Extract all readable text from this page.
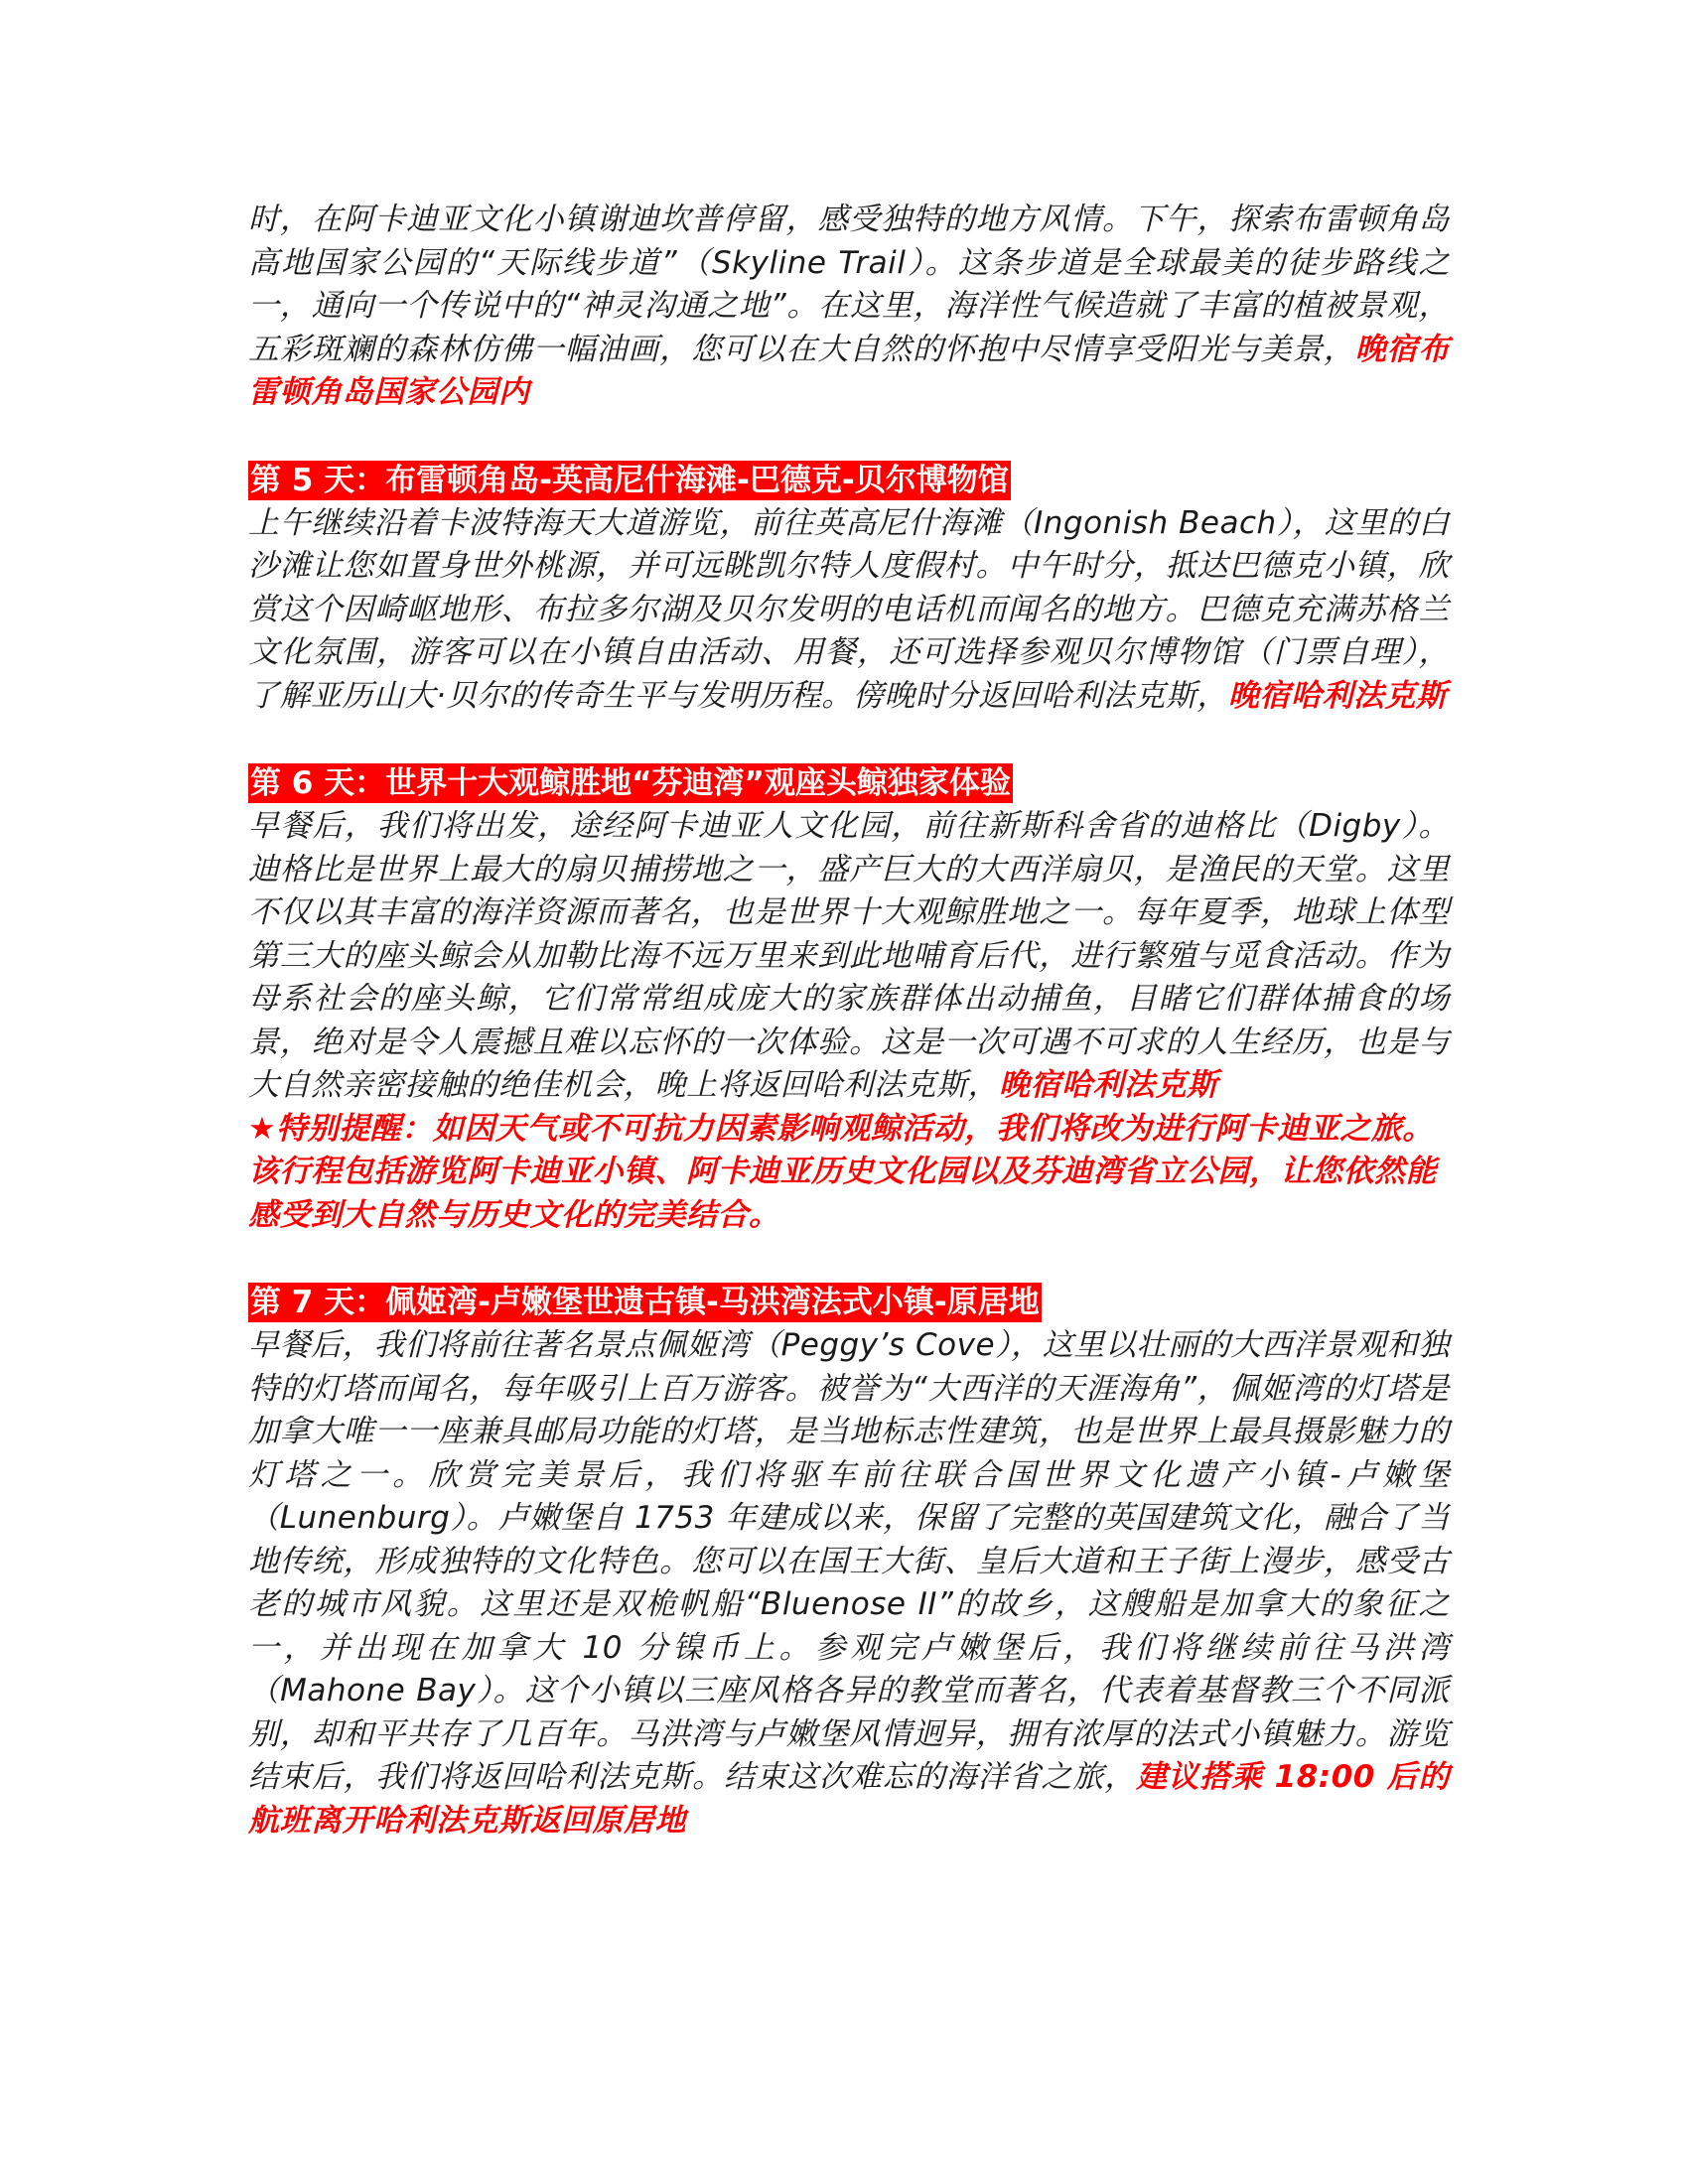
时，在阿卡迪亚文化小镇谢迪坎普停留，感受独特的地方风情。下午，探索布雷顿角岛高地国家公园的“天际线步道”（Skyline Trail）。这条步道是全球最美的徒步路线之一，通向一个传说中的“神灵沟通之地”。在这里，海洋性气候造就了丰富的植被景观，五彩斑斓的森林仿佛一幅油画，您可以在大自然的怀抱中尽情享受阳光与美景，晚宿布雷顿角岛国家公园内

第 5 天：布雷顿角岛-英高尼什海滩-巴德克-贝尔博物馆

上午继续沿着卡波特海天大道游览，前往英高尼什海滩（Ingonish Beach），这里的白沙滩让您如置身世外桃源，并可远眺凯尔特人度假村。中午时分，抵达巴德克小镇，欣赏这个因崎岖地形、布拉多尔湖及贝尔发明的电话机而闻名的地方。巴德克充满苏格兰文化氛围，游客可以在小镇自由活动、用餐，还可选择参观贝尔博物馆（门票自理），了解亚历山大·贝尔的传奇生平与发明历程。傍晚时分返回哈利法克斯，晚宿哈利法克斯

第 6 天：世界十大观鲸胜地“芬迪湾”观座头鲸独家体验

早餐后，我们将出发，途经阿卡迪亚人文化园，前往新斯科舍省的迪格比（Digby）。迪格比是世界上最大的扇贝捕捞地之一，盛产巨大的大西洋扇贝，是渔民的天堂。这里不仅以其丰富的海洋资源而著名，也是世界十大观鲸胜地之一。每年夏季，地球上体型第三大的座头鲸会从加勒比海不远万里来到此地哺育后代，进行繁殖与觅食活动。作为母系社会的座头鲸，它们常常组成庞大的家族群体出动捕鱼，目睹它们群体捕食的场景，绝对是令人震撼且难以忘怀的一次体验。这是一次可遇不可求的人生经历，也是与大自然亲密接触的绝佳机会，晚上将返回哈利法克斯，晚宿哈利法克斯

★特别提醒：如因天气或不可抗力因素影响观鲸活动，我们将改为进行阿卡迪亚之旅。该行程包括游览阿卡迪亚小镇、阿卡迪亚历史文化园以及芬迪湾省立公园，让您依然能感受到大自然与历史文化的完美结合。

第 7 天：佩姬湾-卢嫩堡世遗古镇-马洪湾法式小镇-原居地

早餐后，我们将前往著名景点佩姬湾（Peggy’s Cove），这里以壮丽的大西洋景观和独特的灯塔而闻名，每年吸引上百万游客。被誉为“大西洋的天涯海角”，佩姬湾的灯塔是加拿大唯一一座兼具邮局功能的灯塔，是当地标志性建筑，也是世界上最具摄影魅力的灯塔之一。欣赏完美景后，我们将驱车前往联合国世界文化遗产小镇-卢嫩堡（Lunenburg）。卢嫩堡自 1753 年建成以来，保留了完整的英国建筑文化，融合了当地传统，形成独特的文化特色。您可以在国王大街、皇后大道和王子街上漫步，感受古老的城市风貌。这里还是双桅帆船“Bluenose II”的故乡，这艘船是加拿大的象征之一，并出现在加拿大 10 分镍币上。参观完卢嫩堡后，我们将继续前往马洪湾（Mahone Bay）。这个小镇以三座风格各异的教堂而著名，代表着基督教三个不同派别，却和平共存了几百年。马洪湾与卢嫩堡风情迥异，拥有浓厚的法式小镇魅力。游览结束后，我们将返回哈利法克斯。结束这次难忘的海洋省之旅，建议搭乘 18:00 后的航班离开哈利法克斯返回原居地
